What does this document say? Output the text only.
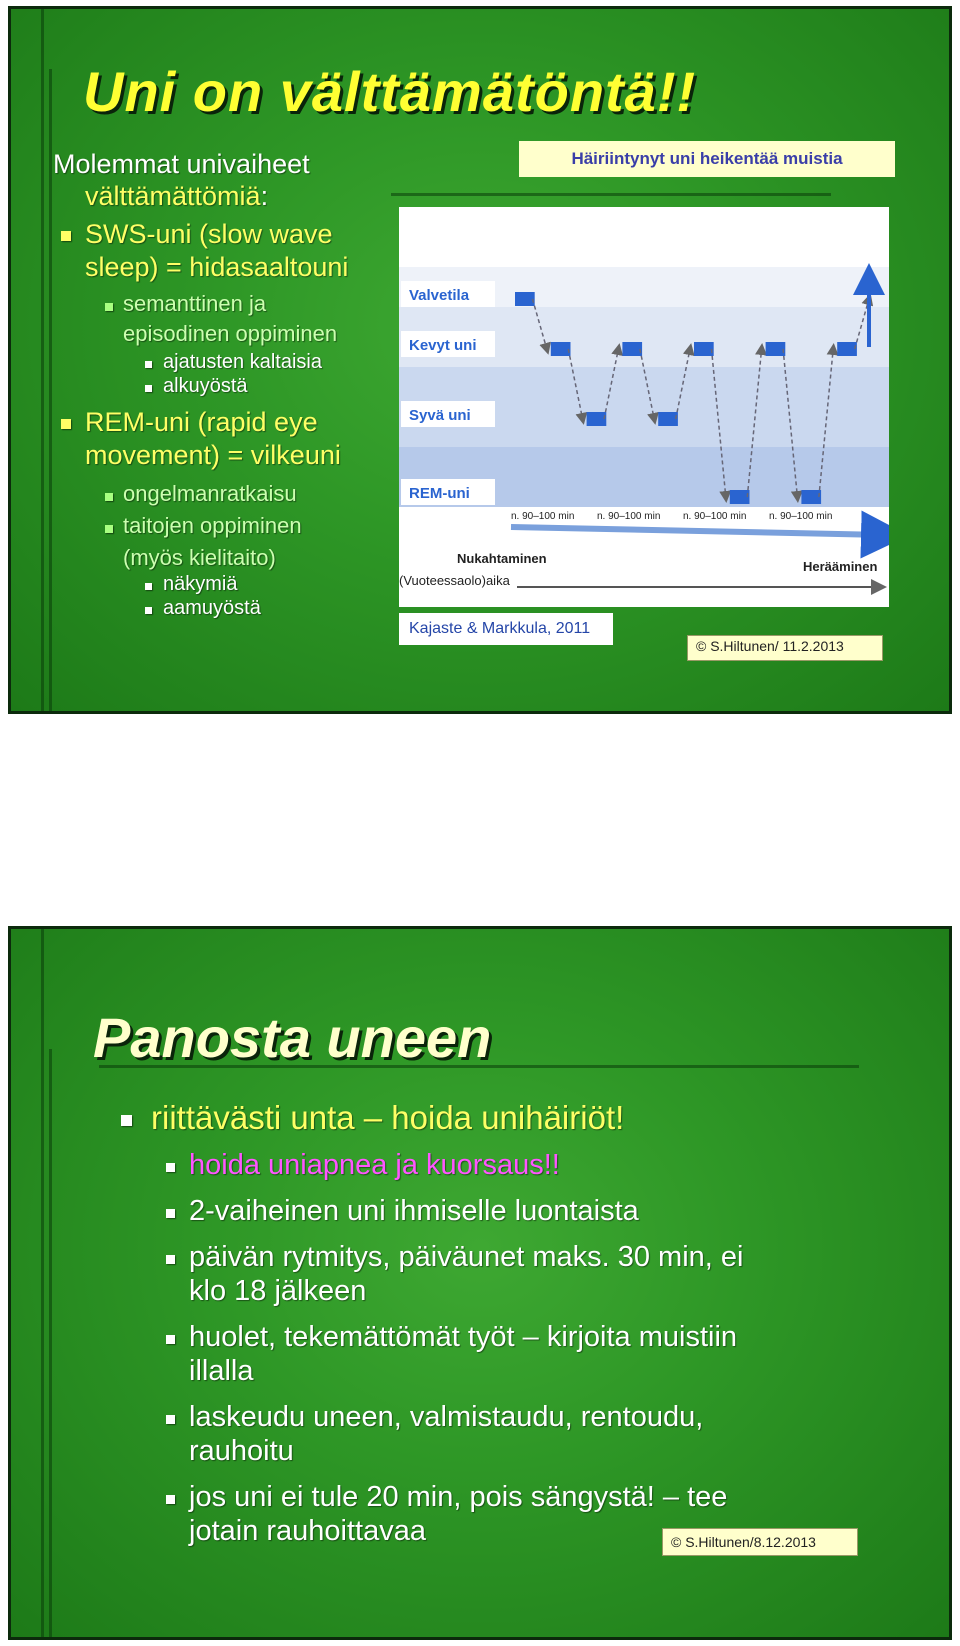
Uni on välttämätöntä!!
Molemmat univaiheet
välttämättömiä:
SWS-uni (slow wave
sleep) = hidasaaltouni
semanttinen ja
episodinen oppiminen
ajatusten kaltaisia
alkuyöstä
REM-uni (rapid eye
movement) = vilkeuni
ongelmanratkaisu
taitojen oppiminen
(myös kielitaito)
näkymiä
aamuyöstä
Häiriintynyt uni heikentää muistia
Valvetila
Kevyt uni
Syvä uni
REM-uni
n. 90–100 min n. 90–100 min n. 90–100 min n. 90–100 min
Nukahtaminen
Herääminen
(Vuoteessaolo)aika
Kajaste & Markkula, 2011
© S.Hiltunen/ 11.2.2013
Panosta uneen
riittävästi unta – hoida unihäiriöt!
hoida uniapnea ja kuorsaus!!
2-vaiheinen uni ihmiselle luontaista
päivän rytmitys, päiväunet maks. 30 min, ei
klo 18 jälkeen
huolet, tekemättömät työt – kirjoita muistiin
illalla
laskeudu uneen, valmistaudu, rentoudu,
rauhoitu
jos uni ei tule 20 min, pois sängystä! – tee
jotain rauhoittavaa	© S.Hiltunen/8.12.2013
